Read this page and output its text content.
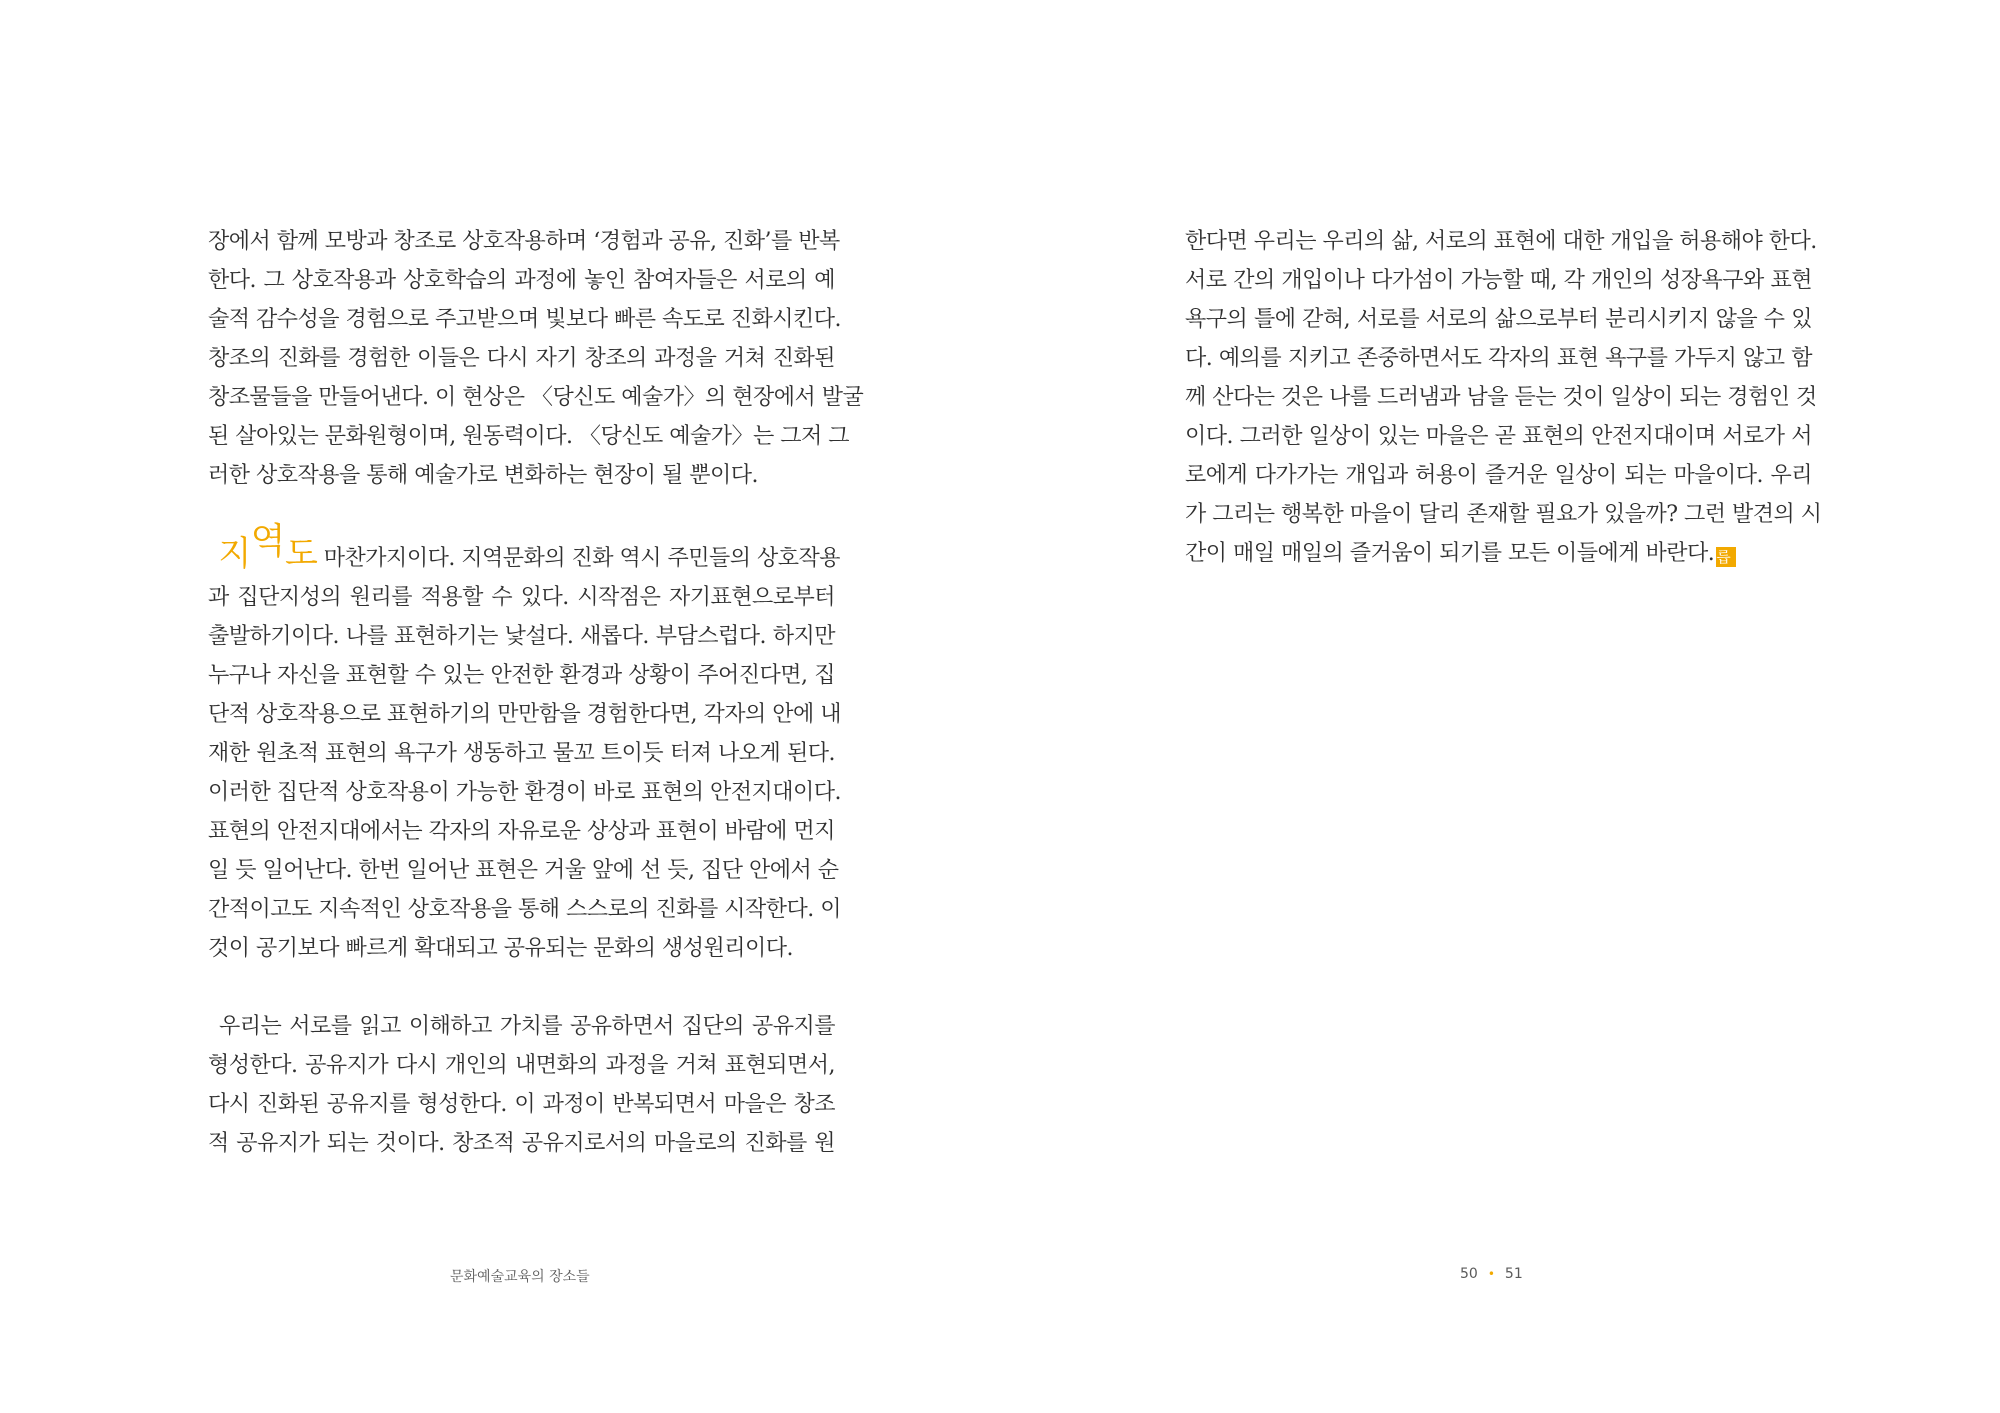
장에서 함께 모방과 창조로 상호작용하며 ‘경험과 공유, 진화’를 반복
한다. 그 상호작용과 상호학습의 과정에 놓인 참여자들은 서로의 예
술적 감수성을 경험으로 주고받으며 빛보다 빠른 속도로 진화시킨다.
창조의 진화를 경험한 이들은 다시 자기 창조의 과정을 거쳐 진화된
창조물들을 만들어낸다. 이 현상은 〈당신도 예술가〉의 현장에서 발굴
된 살아있는 문화원형이며, 원동력이다. 〈당신도 예술가〉는 그저 그
러한 상호작용을 통해 예술가로 변화하는 현장이 될 뿐이다.

지역도 마찬가지이다. 지역문화의 진화 역시 주민들의 상호작용
과 집단지성의 원리를 적용할 수 있다. 시작점은 자기표현으로부터
출발하기이다. 나를 표현하기는 낯설다. 새롭다. 부담스럽다. 하지만
누구나 자신을 표현할 수 있는 안전한 환경과 상황이 주어진다면, 집
단적 상호작용으로 표현하기의 만만함을 경험한다면, 각자의 안에 내
재한 원초적 표현의 욕구가 생동하고 물꼬 트이듯 터져 나오게 된다.
이러한 집단적 상호작용이 가능한 환경이 바로 표현의 안전지대이다.
표현의 안전지대에서는 각자의 자유로운 상상과 표현이 바람에 먼지
일 듯 일어난다. 한번 일어난 표현은 거울 앞에 선 듯, 집단 안에서 순
간적이고도 지속적인 상호작용을 통해 스스로의 진화를 시작한다. 이
것이 공기보다 빠르게 확대되고 공유되는 문화의 생성원리이다.

우리는 서로를 읽고 이해하고 가치를 공유하면서 집단의 공유지를
형성한다. 공유지가 다시 개인의 내면화의 과정을 거쳐 표현되면서,
다시 진화된 공유지를 형성한다. 이 과정이 반복되면서 마을은 창조
적 공유지가 되는 것이다. 창조적 공유지로서의 마을로의 진화를 원

한다면 우리는 우리의 삶, 서로의 표현에 대한 개입을 허용해야 한다.
서로 간의 개입이나 다가섬이 가능할 때, 각 개인의 성장욕구와 표현
욕구의 틀에 갇혀, 서로를 서로의 삶으로부터 분리시키지 않을 수 있
다. 예의를 지키고 존중하면서도 각자의 표현 욕구를 가두지 않고 함
께 산다는 것은 나를 드러냄과 남을 듣는 것이 일상이 되는 경험인 것
이다. 그러한 일상이 있는 마을은 곧 표현의 안전지대이며 서로가 서
로에게 다가가는 개입과 허용이 즐거운 일상이 되는 마을이다. 우리
가 그리는 행복한 마을이 달리 존재할 필요가 있을까? 그런 발견의 시
간이 매일 매일의 즐거움이 되기를 모든 이들에게 바란다. 릅

문화예술교육의 장소들	50 • 51
